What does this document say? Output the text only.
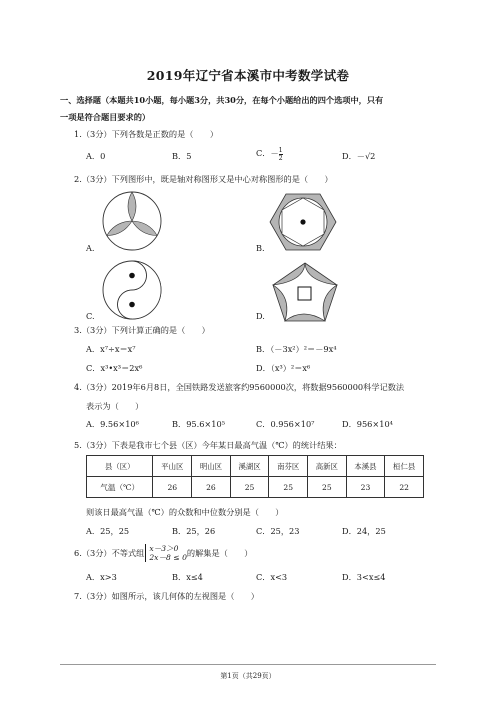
2019年辽宁省本溪市中考数学试卷
一、选择题（本题共10小题，每小题3分，共30分，在每个小题给出的四个选项中，只有
一项是符合题目要求的）
1.（3分）下列各数是正数的是（　　）
A．0	B．5	C．$-\frac{1}{2}$	D．－√2
2.（3分）下列图形中，既是轴对称图形又是中心对称图形的是（　　）
A.	B.
C.	D.
3.（3分）下列计算正确的是（　　）
A．x⁷÷x＝x⁷	B．（－3x²）²＝－9x⁴
C．x³•x³＝2x⁶	D．（x³）²＝x⁶
4.（3分）2019年6月8日，全国铁路发送旅客约9560000次，将数据9560000科学记数法
表示为（　　）
A．9.56×10⁶	B．95.6×10⁵	C．0.956×10⁷	D．956×10⁴
5.（3分）下表是我市七个县（区）今年某日最高气温（℃）的统计结果：
县（区）	平山区	明山区	溪湖区	南芬区	高新区	本溪县	桓仁县
气温（℃）	26	26	25	25	25	23	22
则该日最高气温（℃）的众数和中位数分别是（　　）
A．25，25	B．25，26	C．25，23	D．24，25
6.（3分）不等式组 x－3＞0
2x－8 ≤ 0 的解集是（　　）
A．x>3	B．x≤4	C．x<3	D．3<x≤4
7.（3分）如图所示，该几何体的左视图是（　　）
第1页（共29页）
